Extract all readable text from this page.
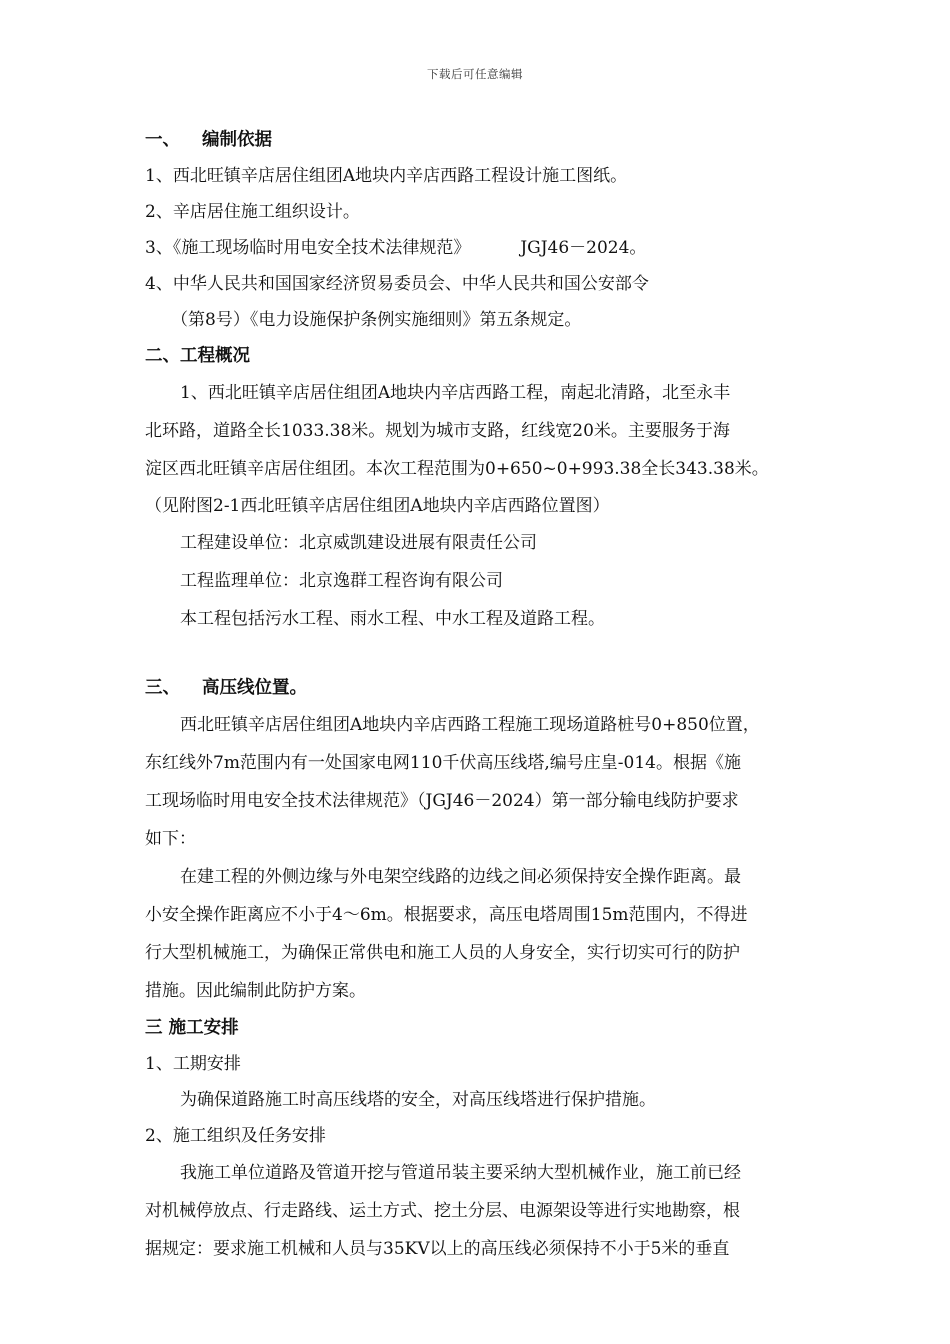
下载后可任意编辑
一、 编制依据
1、西北旺镇辛店居住组团A地块内辛店西路工程设计施工图纸。
2、辛店居住施工组织设计。
3、《施工现场临时用电安全技术法律规范》	JGJ46－2024。
4、中华人民共和国国家经济贸易委员会、中华人民共和国公安部令
（第8号）《电力设施保护条例实施细则》第五条规定。
二、工程概况
1、西北旺镇辛店居住组团A地块内辛店西路工程，南起北清路，北至永丰
北环路，道路全长1033.38米。规划为城市支路，红线宽20米。主要服务于海
淀区西北旺镇辛店居住组团。本次工程范围为0+650~0+993.38全长343.38米。
（见附图2-1西北旺镇辛店居住组团A地块内辛店西路位置图）
工程建设单位：北京威凯建设进展有限责任公司
工程监理单位：北京逸群工程咨询有限公司
本工程包括污水工程、雨水工程、中水工程及道路工程。
三、 高压线位置。
西北旺镇辛店居住组团A地块内辛店西路工程施工现场道路桩号0+850位置，
东红线外7m范围内有一处国家电网110千伏高压线塔,编号庄皇-014。根据《施
工现场临时用电安全技术法律规范》（JGJ46－2024）第一部分输电线防护要求
如下：
在建工程的外侧边缘与外电架空线路的边线之间必须保持安全操作距离。最
小安全操作距离应不小于4～6m。根据要求，高压电塔周围15m范围内，不得进
行大型机械施工，为确保正常供电和施工人员的人身安全，实行切实可行的防护
措施。因此编制此防护方案。
三 施工安排
1、工期安排
为确保道路施工时高压线塔的安全，对高压线塔进行保护措施。
2、施工组织及任务安排
我施工单位道路及管道开挖与管道吊装主要采纳大型机械作业，施工前已经
对机械停放点、行走路线、运土方式、挖土分层、电源架设等进行实地勘察，根
据规定：要求施工机械和人员与35KV以上的高压线必须保持不小于5米的垂直
